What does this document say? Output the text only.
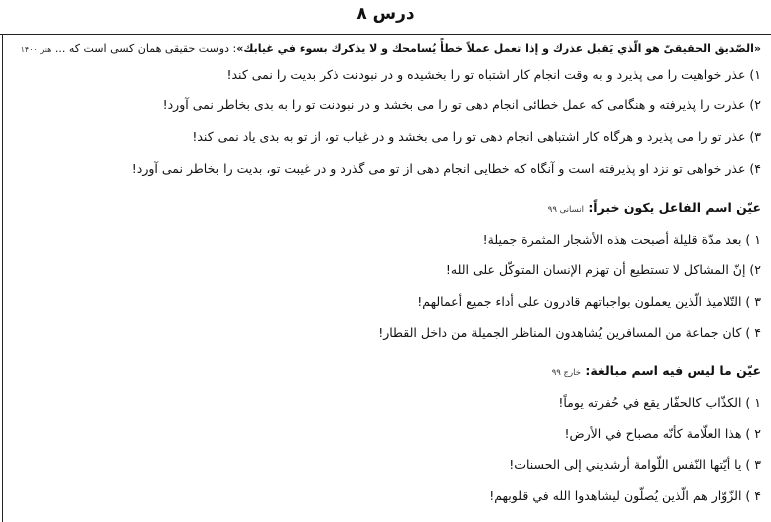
درس ۸
«الصّدیق الحقیقیّ هو الّذي یَقبل عذرك و إذا تعمل عملاً خطأً یُسامحك و لا یذکرك بسوء في غیابك»: دوست حقیقی همان کسی است که ... هنر ۱۴۰۰
۱) عذر خواهیت را می پذیرد و به وقت انجام کار اشتباه تو را بخشیده و در نبودنت ذکر بدیت را نمی کند!
۲) عذرت را پذیرفته و هنگامی که عمل خطائی انجام دهی تو را می بخشد و در نبودنت تو را به بدی بخاطر نمی آورد!
۳) عذر تو را می پذیرد و هرگاه کار اشتباهی انجام دهی تو را می بخشد و در غیاب تو، از تو به بدی یاد نمی کند!
۴) عذر خواهی تو نزد او پذیرفته است و آنگاه که خطایی انجام دهی از تو می گذرد و در غیبت تو، بدیت را بخاطر نمی آورد!
عیّن اسم الفاعل یکون خبراً: انسانی ۹۹
۱ ) بعد مدّة قلیلة أصبحت هذه الأشجار المثمرة جمیلة!
۲) إنّ المشاکل لا تستطیع أن تهزم الإنسان المتوکّل علی الله!
۳ ) التّلامیذ الّذین یعملون بواجباتهم قادرون علی أداء جمیع أعمالهم!
۴ ) کان جماعة من المسافرین یُشاهدون المناظر الجمیلة من داخل القطار!
عیّن ما لیس فیه اسم مبالغة: خارج ۹۹
۱ ) الکذّاب کالحفّار یقع في حُفرته یوماً!
۲ ) هذا العلّامة کأنّه مصباح في الأرض!
۳ ) یا أیّتها النّفس اللّوامة أرشدیني إلی الحسنات!
۴ ) الزّوّار هم الّذین یُصلّون لیشاهدوا الله في قلوبهم!
